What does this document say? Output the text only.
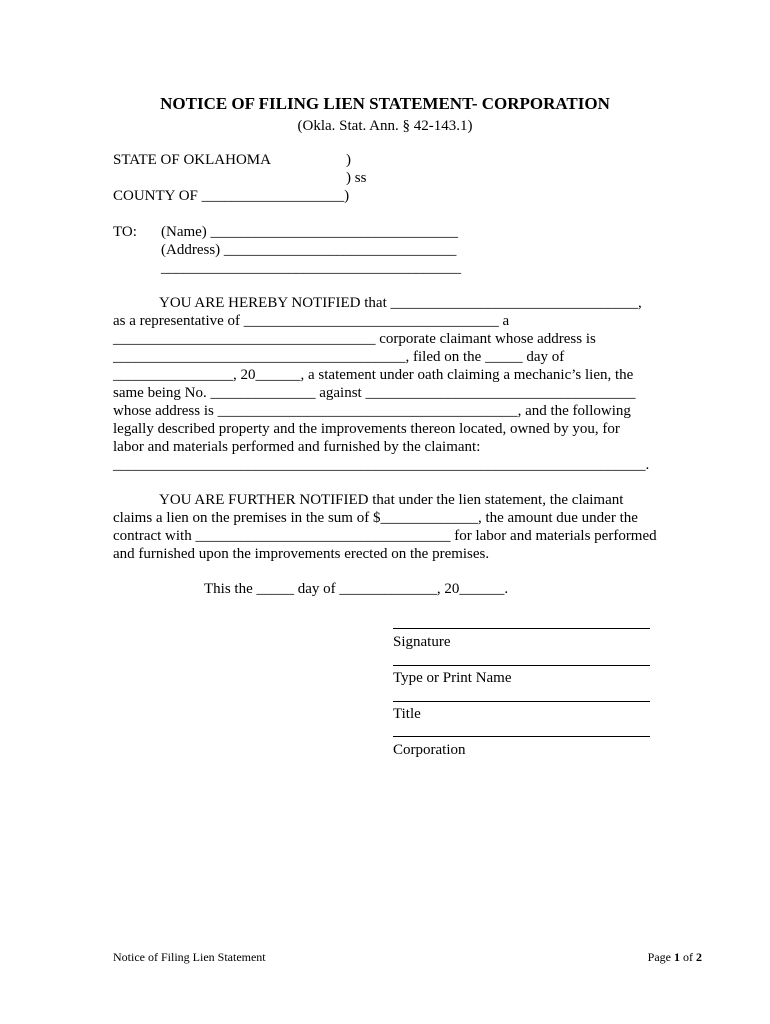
NOTICE OF FILING LIEN STATEMENT- CORPORATION
(Okla. Stat. Ann. § 42-143.1)
STATE OF OKLAHOMA	)
) ss
COUNTY OF ___________________)
TO: (Name) _________________________________
(Address) _______________________________
________________________________________
YOU ARE HEREBY NOTIFIED that _________________________________,
as a representative of __________________________________ a
___________________________________ corporate claimant whose address is
_______________________________________, filed on the _____ day of
________________, 20______, a statement under oath claiming a mechanic’s lien, the
same being No. ______________ against ____________________________________
whose address is ________________________________________, and the following
legally described property and the improvements thereon located, owned by you, for
labor and materials performed and furnished by the claimant:
_______________________________________________________________________.
YOU ARE FURTHER NOTIFIED that under the lien statement, the claimant
claims a lien on the premises in the sum of $_____________, the amount due under the
contract with __________________________________ for labor and materials performed
and furnished upon the improvements erected on the premises.
This the _____ day of _____________, 20______.
Signature
Type or Print Name
Title
Corporation
Notice of Filing Lien Statement	Page 1 of 2
